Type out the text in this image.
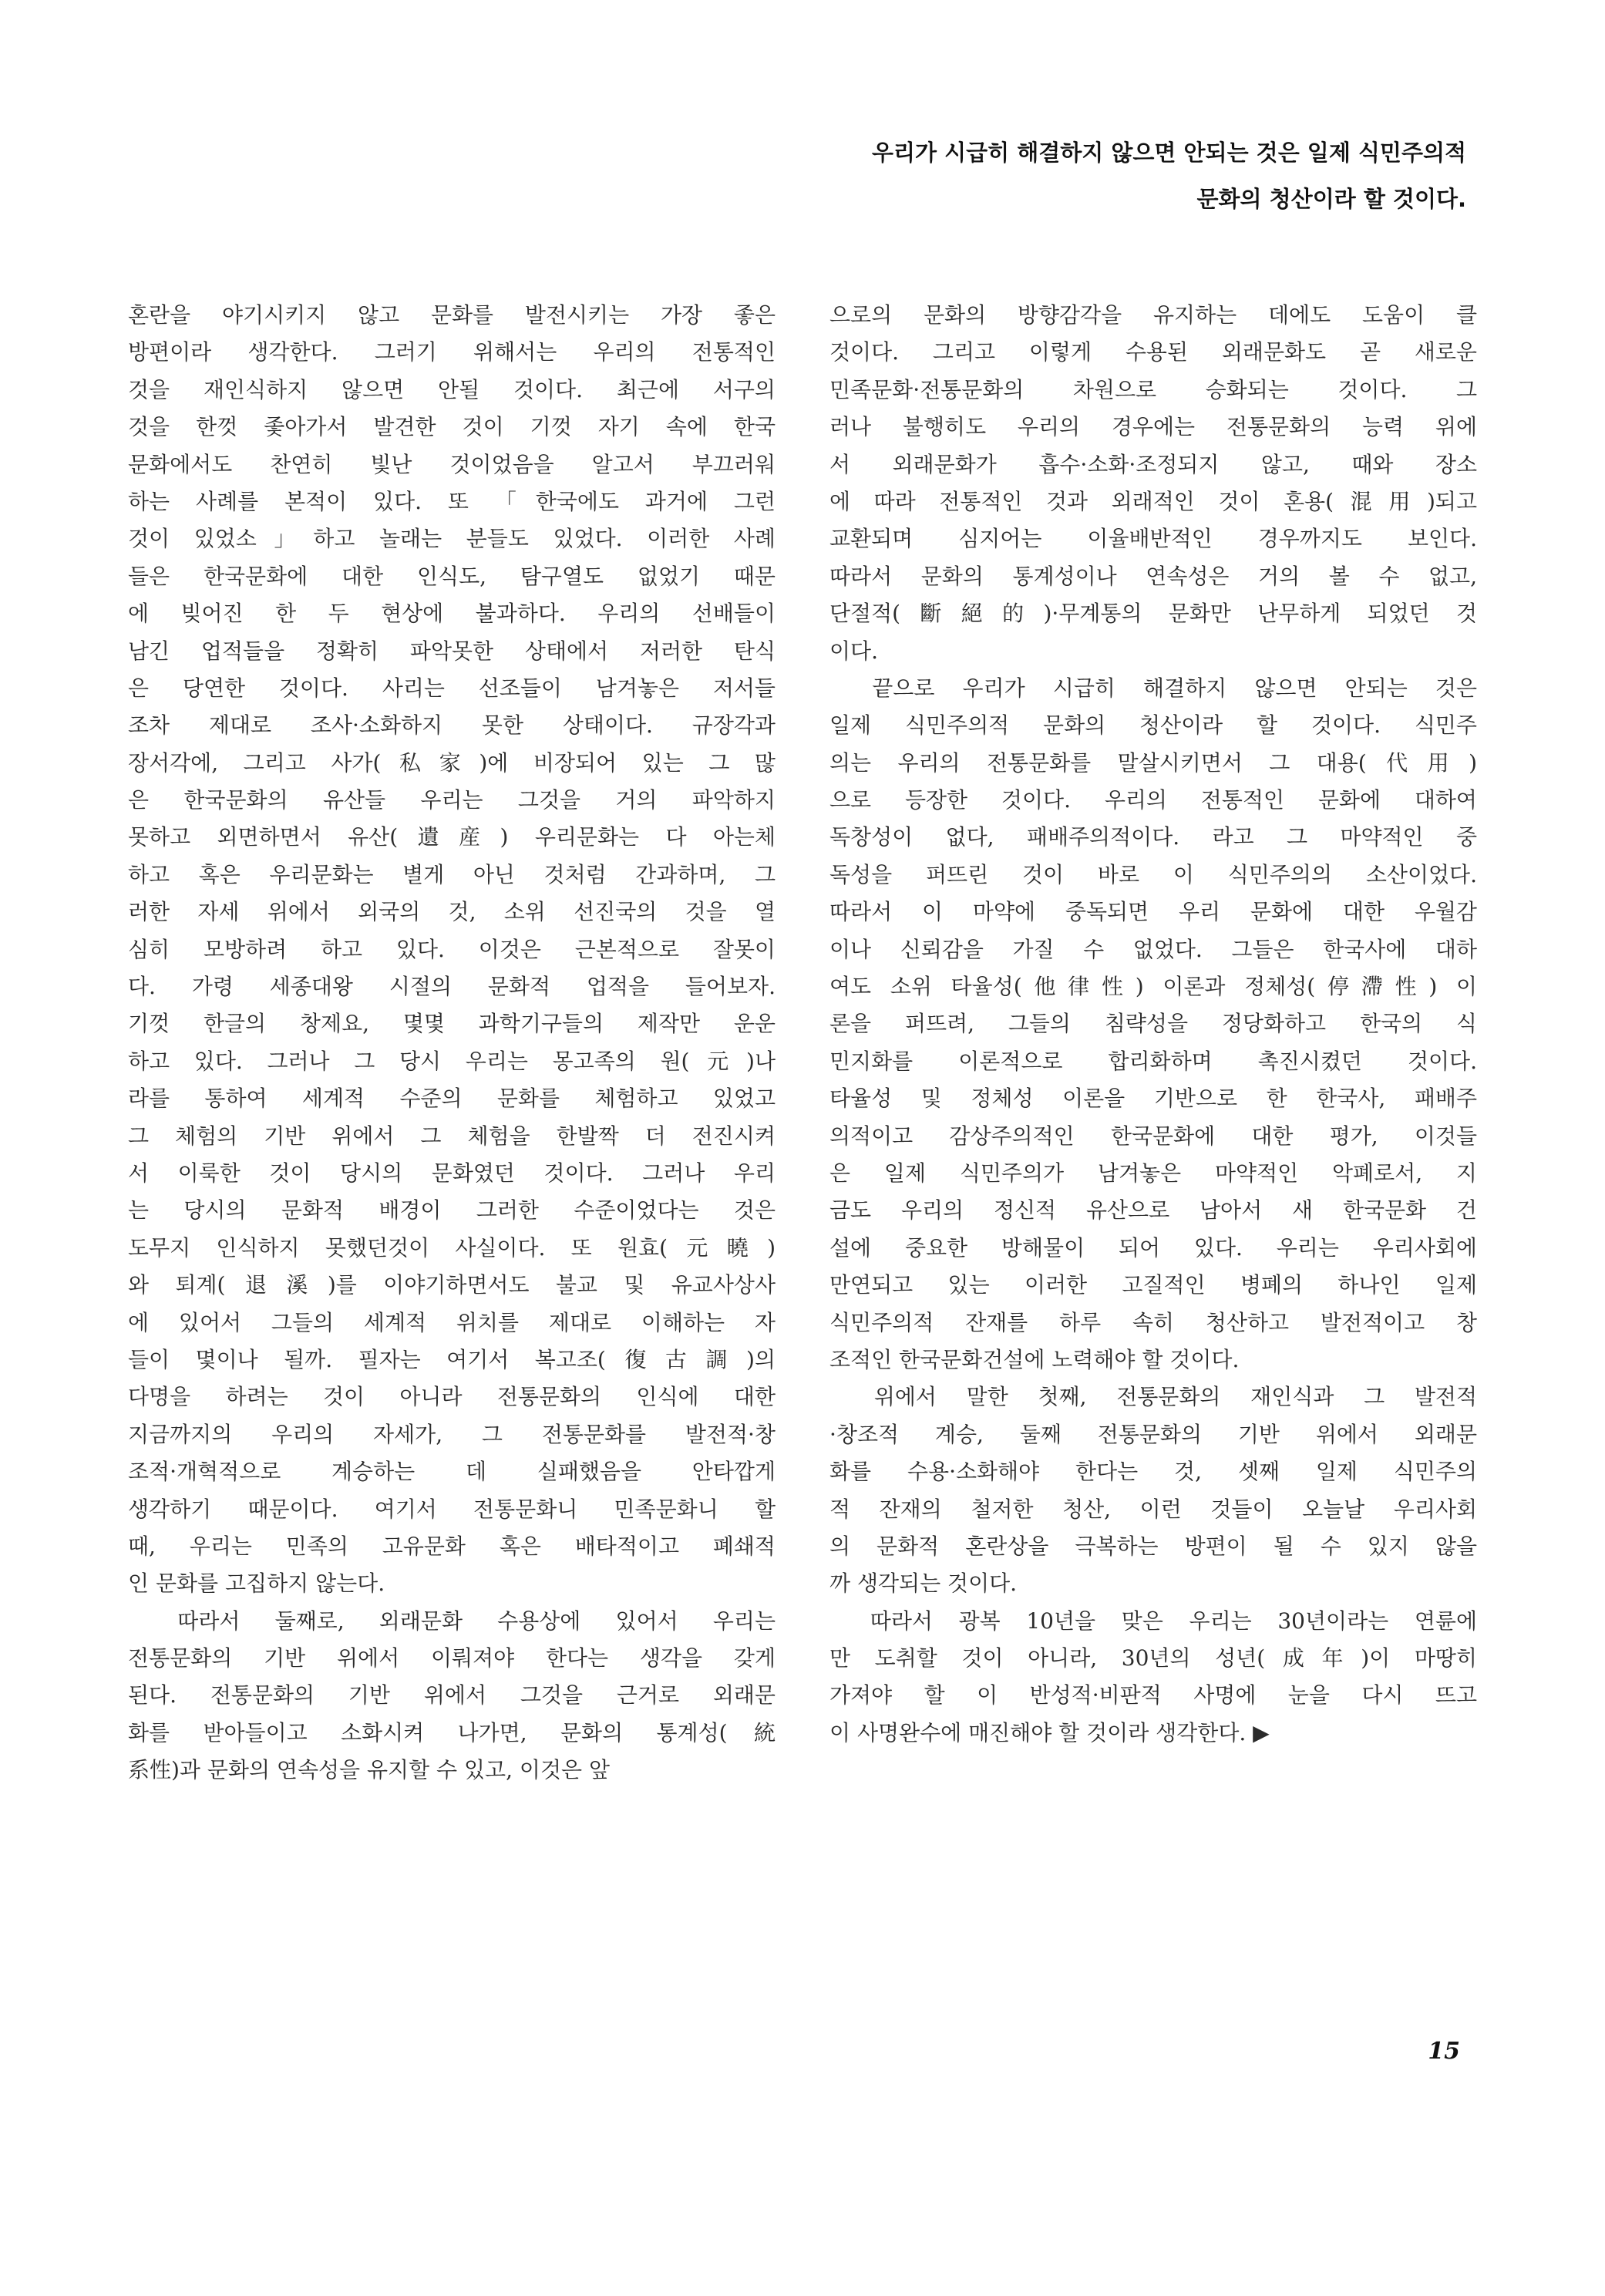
우리가 시급히 해결하지 않으면 안되는 것은 일제 식민주의적
문화의 청산이라 할 것이다.
혼란을 야기시키지 않고 문화를 발전시키는 가장 좋은
방편이라 생각한다. 그러기 위해서는 우리의 전통적인
것을 재인식하지 않으면 안될 것이다. 최근에 서구의
것을 한껏 좇아가서 발견한 것이 기껏 자기 속에 한국
문화에서도 찬연히 빛난 것이었음을 알고서 부끄러워
하는 사례를 본적이 있다. 또 「한국에도 과거에 그런
것이 있었소」하고 놀래는 분들도 있었다. 이러한 사례
들은 한국문화에 대한 인식도, 탐구열도 없었기 때문
에 빚어진 한 두 현상에 불과하다. 우리의 선배들이
남긴 업적들을 정확히 파악못한 상태에서 저러한 탄식
은 당연한 것이다. 사리는 선조들이 남겨놓은 저서들
조차 제대로 조사·소화하지 못한 상태이다. 규장각과
장서각에, 그리고 사가(私家)에 비장되어 있는 그 많
은 한국문화의 유산들 우리는 그것을 거의 파악하지
못하고 외면하면서 유산(遺産) 우리문화는 다 아는체
하고 혹은 우리문화는 별게 아닌 것처럼 간과하며, 그
러한 자세 위에서 외국의 것, 소위 선진국의 것을 열
심히 모방하려 하고 있다. 이것은 근본적으로 잘못이
다. 가령 세종대왕 시절의 문화적 업적을 들어보자.
기껏 한글의 창제요, 몇몇 과학기구들의 제작만 운운
하고 있다. 그러나 그 당시 우리는 몽고족의 원(元)나
라를 통하여 세계적 수준의 문화를 체험하고 있었고
그 체험의 기반 위에서 그 체험을 한발짝 더 전진시켜
서 이룩한 것이 당시의 문화였던 것이다. 그러나 우리
는 당시의 문화적 배경이 그러한 수준이었다는 것은
도무지 인식하지 못했던것이 사실이다. 또 원효(元曉)
와 퇴계(退溪)를 이야기하면서도 불교 및 유교사상사
에 있어서 그들의 세계적 위치를 제대로 이해하는 자
들이 몇이나 될까. 필자는 여기서 복고조(復古調)의
다명을 하려는 것이 아니라 전통문화의 인식에 대한
지금까지의 우리의 자세가, 그 전통문화를 발전적·창
조적·개혁적으로 계승하는 데 실패했음을 안타깝게
생각하기 때문이다. 여기서 전통문화니 민족문화니 할
때, 우리는 민족의 고유문화 혹은 배타적이고 폐쇄적
인 문화를 고집하지 않는다.
　따라서 둘째로, 외래문화 수용상에 있어서 우리는
전통문화의 기반 위에서 이뤄져야 한다는 생각을 갖게
된다. 전통문화의 기반 위에서 그것을 근거로 외래문
화를 받아들이고 소화시켜 나가면, 문화의 통계성(統
系性)과 문화의 연속성을 유지할 수 있고, 이것은 앞
으로의 문화의 방향감각을 유지하는 데에도 도움이 클
것이다. 그리고 이렇게 수용된 외래문화도 곧 새로운
민족문화·전통문화의 차원으로 승화되는 것이다. 그
러나 불행히도 우리의 경우에는 전통문화의 능력 위에
서 외래문화가 흡수·소화·조정되지 않고, 때와 장소
에 따라 전통적인 것과 외래적인 것이 혼용(混用)되고
교환되며 심지어는 이율배반적인 경우까지도 보인다.
따라서 문화의 통계성이나 연속성은 거의 볼 수 없고,
단절적(斷絕的)·무계통의 문화만 난무하게 되었던 것
이다.
　끝으로 우리가 시급히 해결하지 않으면 안되는 것은
일제 식민주의적 문화의 청산이라 할 것이다. 식민주
의는 우리의 전통문화를 말살시키면서 그 대용(代用)
으로 등장한 것이다. 우리의 전통적인 문화에 대하여
독창성이 없다, 패배주의적이다. 라고 그 마약적인 중
독성을 퍼뜨린 것이 바로 이 식민주의의 소산이었다.
따라서 이 마약에 중독되면 우리 문화에 대한 우월감
이나 신뢰감을 가질 수 없었다. 그들은 한국사에 대하
여도 소위 타율성(他律性) 이론과 정체성(停滯性) 이
론을 퍼뜨려, 그들의 침략성을 정당화하고 한국의 식
민지화를 이론적으로 합리화하며 촉진시켰던 것이다.
타율성 및 정체성 이론을 기반으로 한 한국사, 패배주
의적이고 감상주의적인 한국문화에 대한 평가, 이것들
은 일제 식민주의가 남겨놓은 마약적인 악폐로서, 지
금도 우리의 정신적 유산으로 남아서 새 한국문화 건
설에 중요한 방해물이 되어 있다. 우리는 우리사회에
만연되고 있는 이러한 고질적인 병폐의 하나인 일제
식민주의적 잔재를 하루 속히 청산하고 발전적이고 창
조적인 한국문화건설에 노력해야 할 것이다.
　위에서 말한 첫째, 전통문화의 재인식과 그 발전적
·창조적 계승, 둘째 전통문화의 기반 위에서 외래문
화를 수용·소화해야 한다는 것, 셋째 일제 식민주의
적 잔재의 철저한 청산, 이런 것들이 오늘날 우리사회
의 문화적 혼란상을 극복하는 방편이 될 수 있지 않을
까 생각되는 것이다.
　따라서 광복 10년을 맞은 우리는 30년이라는 연륜에
만 도취할 것이 아니라, 30년의 성년(成年)이 마땅히
가져야 할 이 반성적·비판적 사명에 눈을 다시 뜨고
이 사명완수에 매진해야 할 것이라 생각한다. ▶
15
